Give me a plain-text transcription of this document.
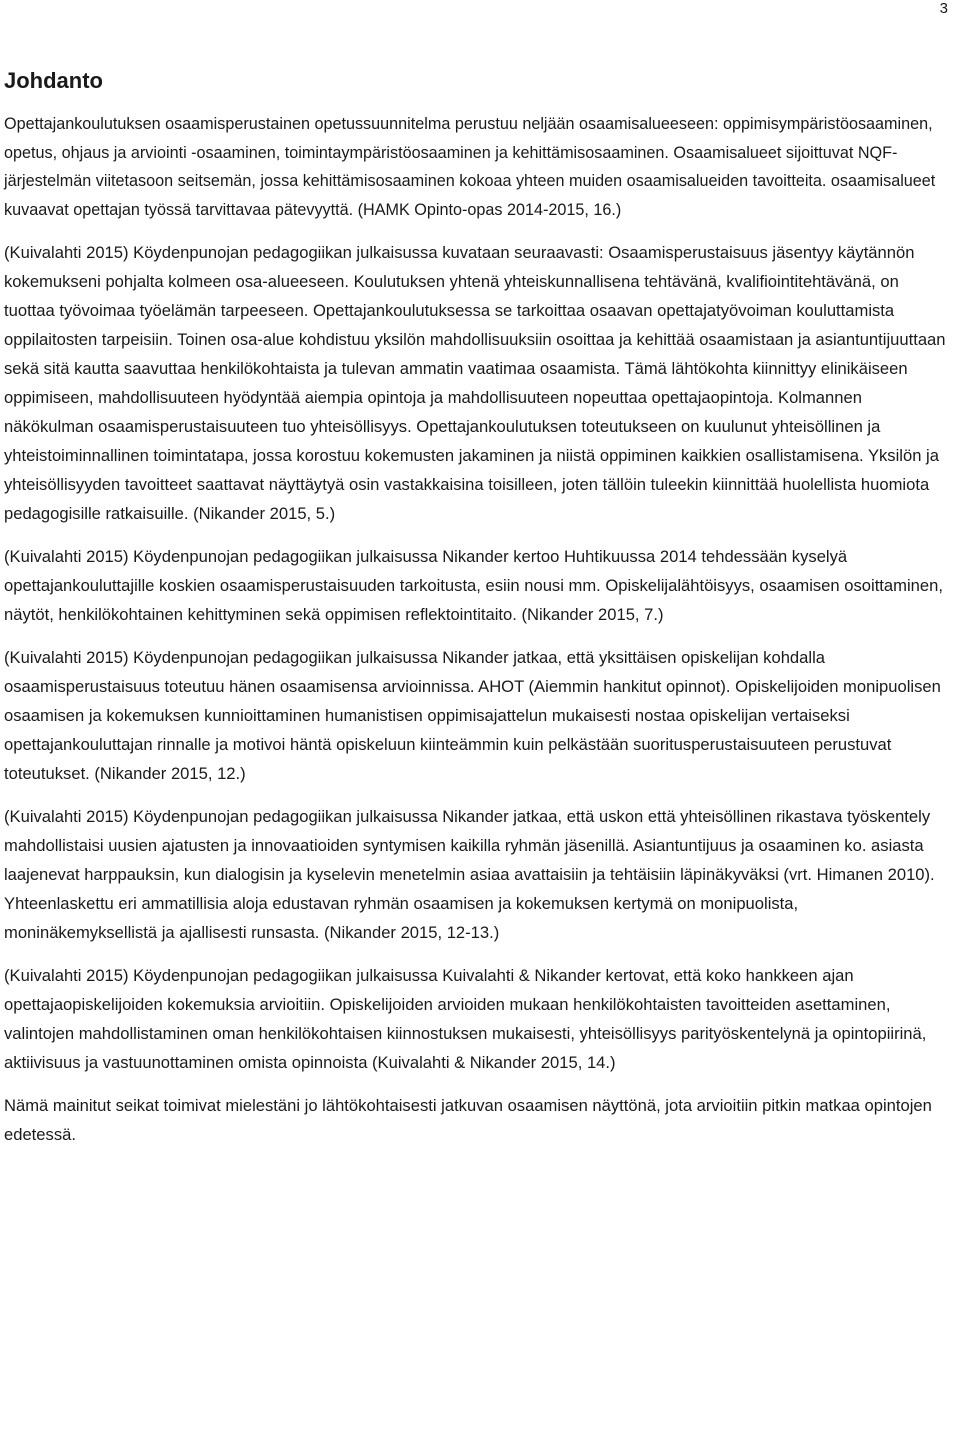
3
Johdanto

Opettajankoulutuksen osaamisperustainen opetussuunnitelma perustuu neljään osaamisalueeseen: oppimisympäristöosaaminen, opetus, ohjaus ja arviointi -osaaminen, toimintaympäristöosaaminen ja kehittämisosaaminen. Osaamisalueet sijoittuvat NQF-järjestelmän viitetasoon seitsemän, jossa kehittämisosaaminen kokoaa yhteen muiden osaamisalueiden tavoitteita. osaamisalueet kuvaavat opettajan työssä tarvittavaa pätevyyttä. (HAMK Opinto-opas 2014-2015, 16.)

(Kuivalahti 2015) Köydenpunojan pedagogiikan julkaisussa kuvataan seuraavasti: Osaamisperustaisuus jäsentyy käytännön kokemukseni pohjalta kolmeen osa-alueeseen. Koulutuksen yhtenä yhteiskunnallisena tehtävänä, kvalifiointitehtävänä, on tuottaa työvoimaa työelämän tarpeeseen. Opettajankoulutuksessa se tarkoittaa osaavan opettajatyövoiman kouluttamista oppilaitosten tarpeisiin. Toinen osa-alue kohdistuu yksilön mahdollisuuksiin osoittaa ja kehittää osaamistaan ja asiantuntijuuttaan sekä sitä kautta saavuttaa henkilökohtaista ja tulevan ammatin vaatimaa osaamista. Tämä lähtökohta kiinnittyy elinikäiseen oppimiseen, mahdollisuuteen hyödyntää aiempia opintoja ja mahdollisuuteen nopeuttaa opettajaopintoja. Kolmannen näkökulman osaamisperustaisuuteen tuo yhteisöllisyys. Opettajankoulutuksen toteutukseen on kuulunut yhteisöllinen ja yhteistoiminnallinen toimintatapa, jossa korostuu kokemusten jakaminen ja niistä oppiminen kaikkien osallistamisena. Yksilön ja yhteisöllisyyden tavoitteet saattavat näyttäytyä osin vastakkaisina toisilleen, joten tällöin tuleekin kiinnittää huolellista huomiota pedagogisille ratkaisuille. (Nikander 2015, 5.)

(Kuivalahti 2015) Köydenpunojan pedagogiikan julkaisussa Nikander kertoo Huhtikuussa 2014 tehdessään kyselyä opettajankouluttajille koskien osaamisperustaisuuden tarkoitusta, esiin nousi mm. Opiskelijalähtöisyys, osaamisen osoittaminen, näytöt, henkilökohtainen kehittyminen sekä oppimisen reflektointitaito. (Nikander 2015, 7.)

(Kuivalahti 2015) Köydenpunojan pedagogiikan julkaisussa Nikander jatkaa, että yksittäisen opiskelijan kohdalla osaamisperustaisuus toteutuu hänen osaamisensa arvioinnissa. AHOT (Aiemmin hankitut opinnot). Opiskelijoiden monipuolisen osaamisen ja kokemuksen kunnioittaminen humanistisen oppimisajattelun mukaisesti nostaa opiskelijan vertaiseksi opettajankouluttajan rinnalle ja motivoi häntä opiskeluun kiinteämmin kuin pelkästään suoritusperustaisuuteen perustuvat toteutukset. (Nikander 2015, 12.)

(Kuivalahti 2015) Köydenpunojan pedagogiikan julkaisussa Nikander jatkaa, että uskon että yhteisöllinen rikastava työskentely mahdollistaisi uusien ajatusten ja innovaatioiden syntymisen kaikilla ryhmän jäsenillä. Asiantuntijuus ja osaaminen ko. asiasta laajenevat harppauksin, kun dialogisin ja kyselevin menetelmin asiaa avattaisiin ja tehtäisiin läpinäkyväksi (vrt. Himanen 2010). Yhteenlaskettu eri ammatillisia aloja edustavan ryhmän osaamisen ja kokemuksen kertymä on monipuolista, moninäkemyksellistä ja ajallisesti runsasta. (Nikander 2015, 12-13.)

(Kuivalahti 2015) Köydenpunojan pedagogiikan julkaisussa Kuivalahti & Nikander kertovat, että koko hankkeen ajan opettajaopiskelijoiden kokemuksia arvioitiin. Opiskelijoiden arvioiden mukaan henkilökohtaisten tavoitteiden asettaminen, valintojen mahdollistaminen oman henkilökohtaisen kiinnostuksen mukaisesti, yhteisöllisyys parityöskentelynä ja opintopiirinä, aktiivisuus ja vastuunottaminen omista opinnoista (Kuivalahti & Nikander 2015, 14.)

Nämä mainitut seikat toimivat mielestäni jo lähtökohtaisesti jatkuvan osaamisen näyttönä, jota arvioitiin pitkin matkaa opintojen edetessä.
